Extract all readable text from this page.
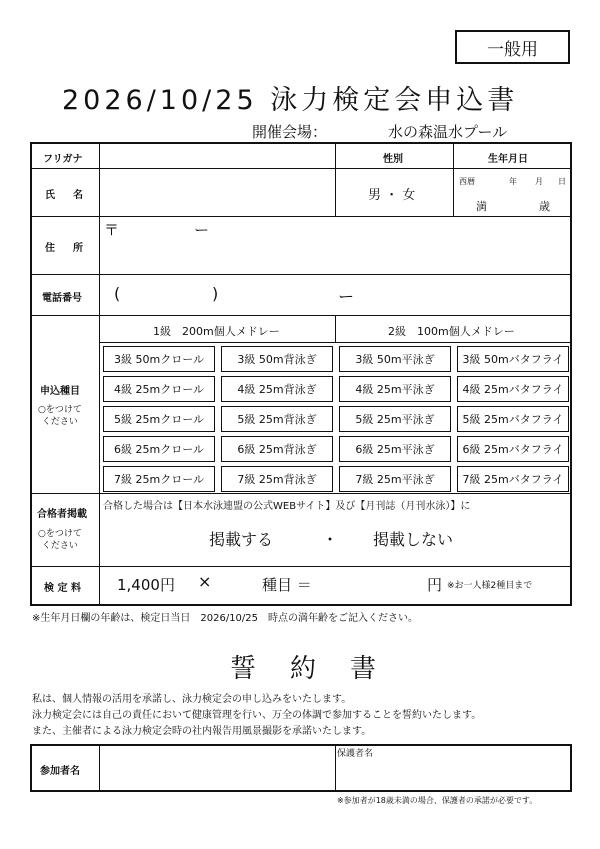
一般用
2026/10/25 泳力検定会申込書
開催会場：	水の森温水プール
フリガナ	性別	生年月日
氏　名	男 ・ 女
西暦	年 月 日
満	歳
住　所
〒	ー
電話番号 (	)	ー
申込種目
○をつけて
ください
1級　200m個人メドレー	2級　100m個人メドレー
3級 50mクロール	3級 50m背泳ぎ	3級 50m平泳ぎ	3級 50mバタフライ
4級 25mクロール	4級 25m背泳ぎ	4級 25m平泳ぎ	4級 25mバタフライ
5級 25mクロール	5級 25m背泳ぎ	5級 25m平泳ぎ	5級 25mバタフライ
6級 25mクロール	6級 25m背泳ぎ	6級 25m平泳ぎ	6級 25mバタフライ
7級 25mクロール	7級 25m背泳ぎ	7級 25m平泳ぎ	7級 25mバタフライ
合格者掲載
○をつけて
ください
合格した場合は【日本水泳連盟の公式WEBサイト】及び【月刊誌（月刊水泳）】に
掲載する	・ 掲載しない
検 定 料 1,400円 ×	種目 ＝	円 ※お一人様2種目まで
※生年月日欄の年齢は、検定日当日　2026/10/25　時点の満年齢をご記入ください。
誓　約　書
私は、個人情報の活用を承諾し、泳力検定会の申し込みをいたします。
泳力検定会には自己の責任において健康管理を行い、万全の体調で参加することを誓約いたします。
また、主催者による泳力検定会時の社内報告用風景撮影を承諾いたします。
参加者名
保護者名
※参加者が18歳未満の場合、保護者の承諾が必要です。
